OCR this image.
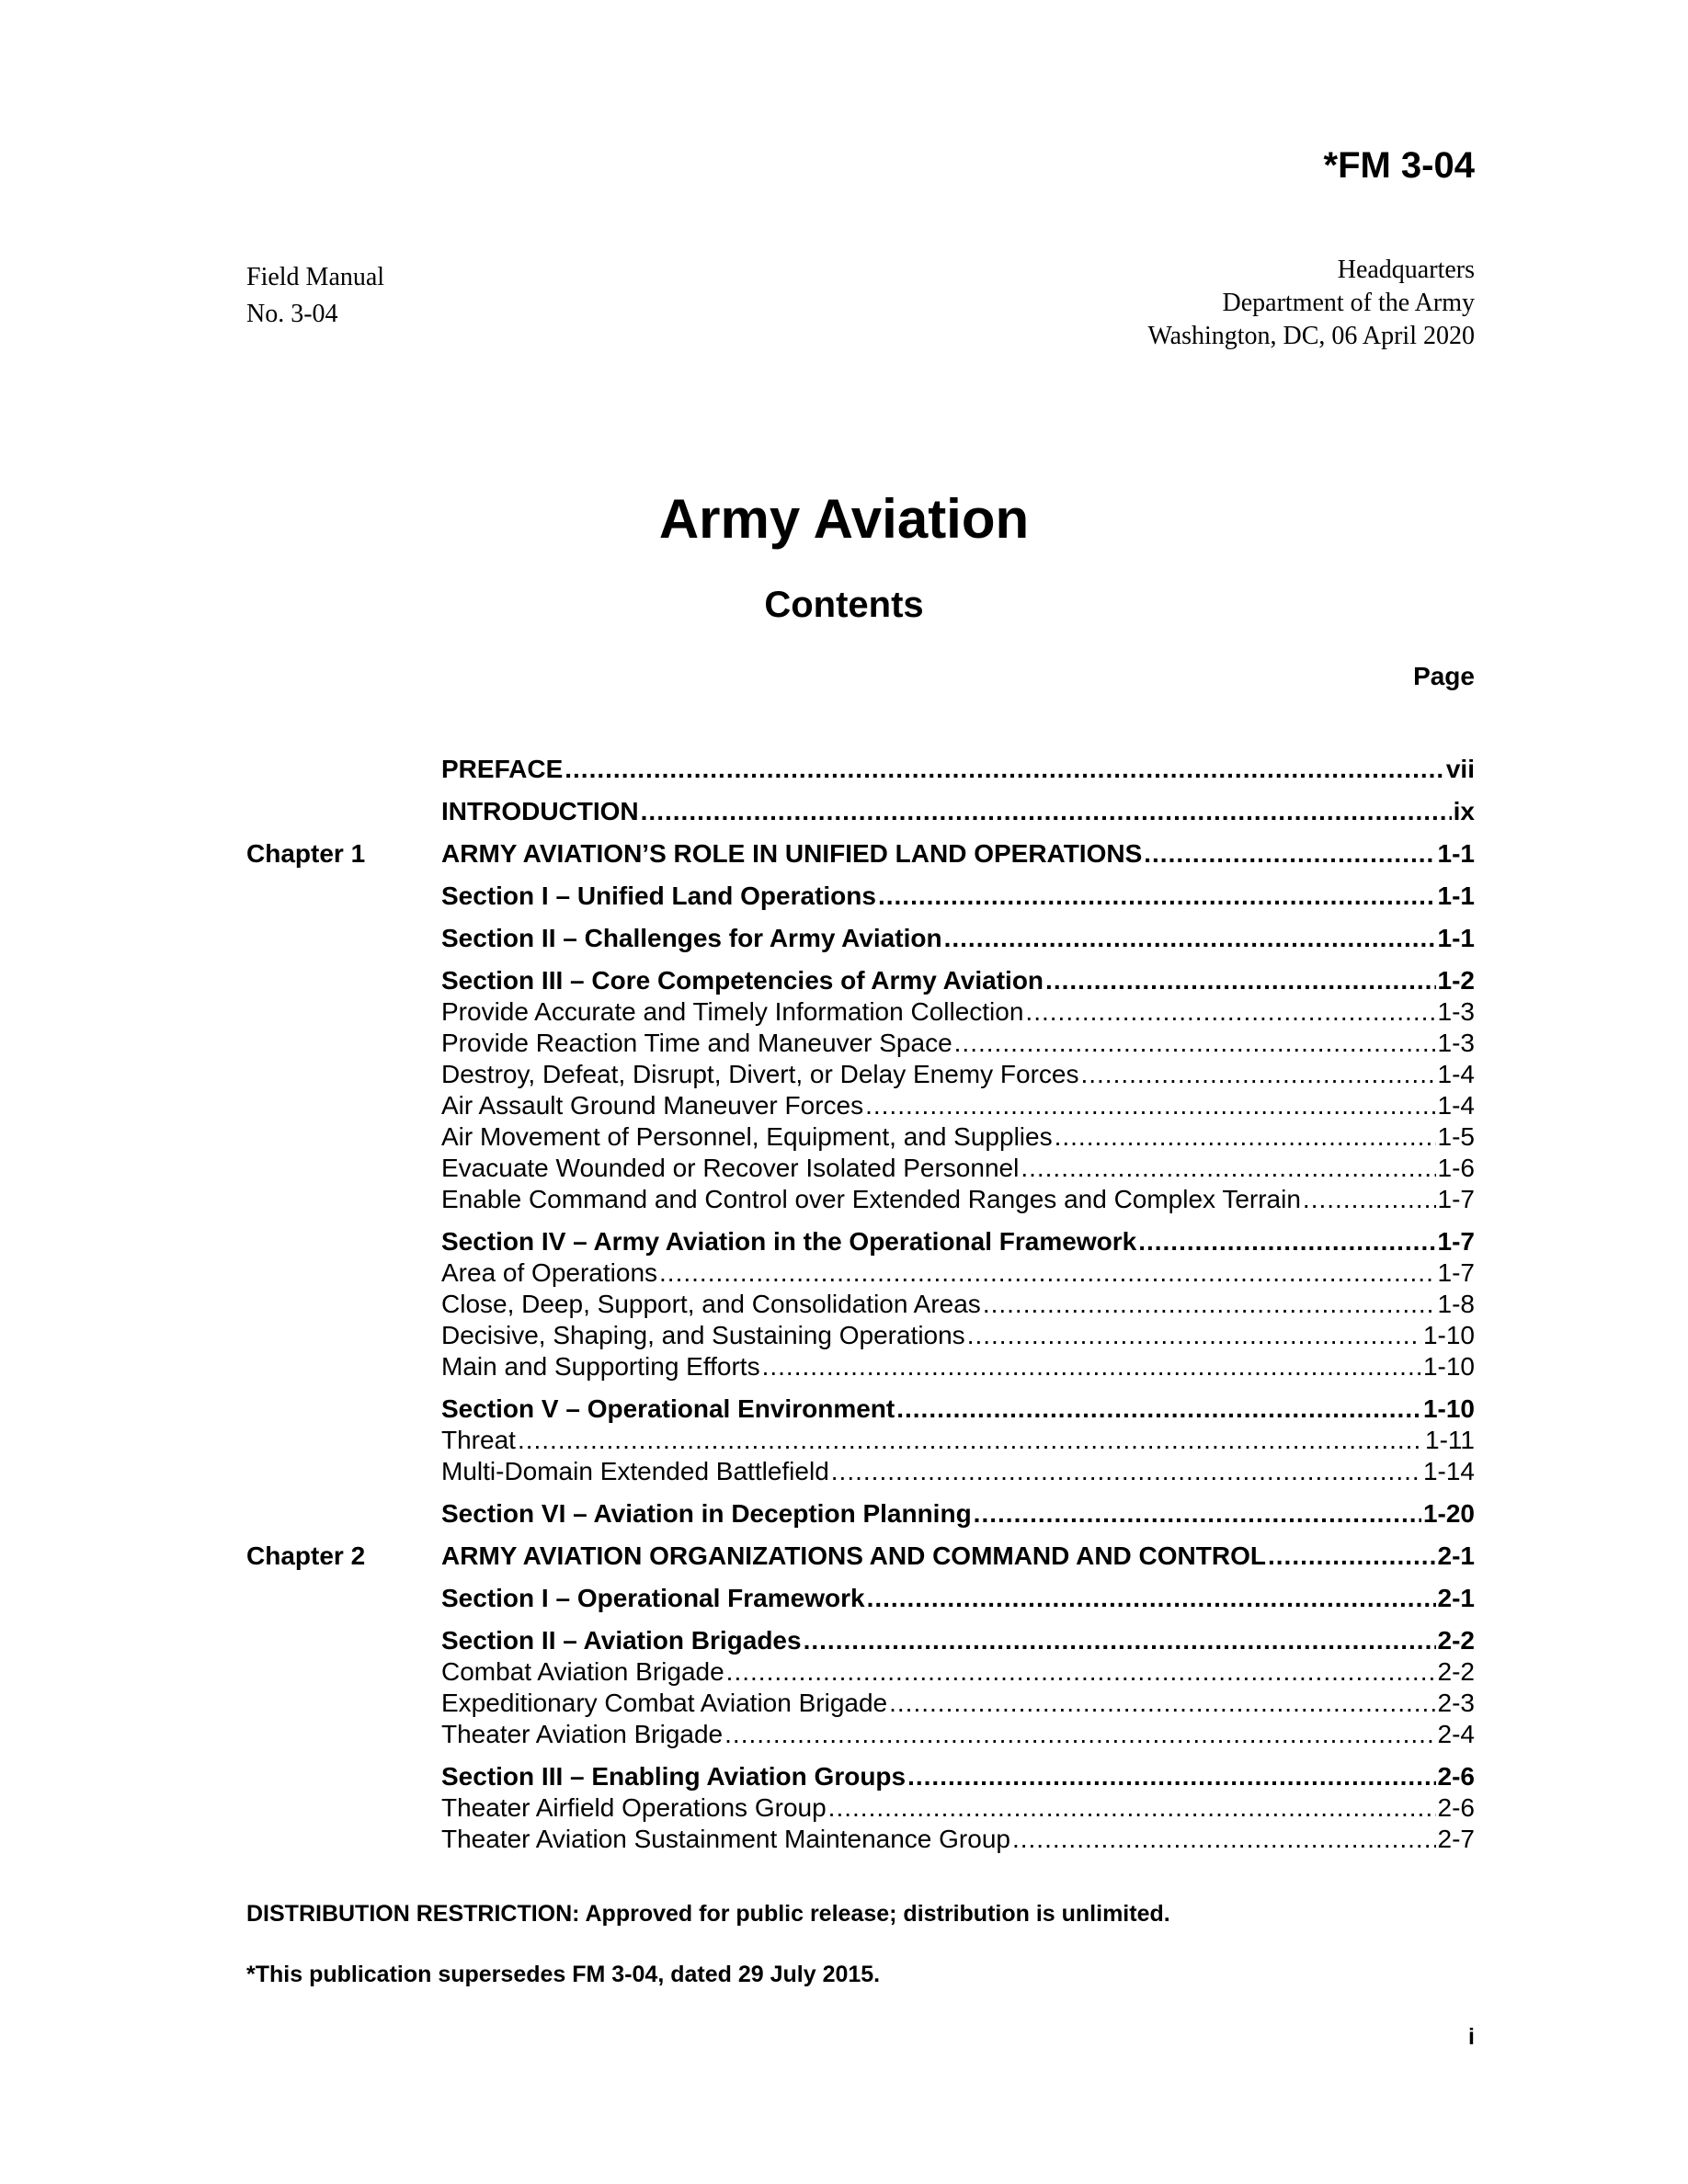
*FM 3-04
Field Manual
No. 3-04
Headquarters
Department of the Army
Washington, DC, 06 April 2020
Army Aviation
Contents
Page
PREFACE .....	vii
INTRODUCTION .....	ix
Chapter 1	ARMY AVIATION’S ROLE IN UNIFIED LAND OPERATIONS .....	1-1
Section I – Unified Land Operations .....	1-1
Section II – Challenges for Army Aviation .....	1-1
Section III – Core Competencies of Army Aviation .....	1-2
Provide Accurate and Timely Information Collection .....	1-3
Provide Reaction Time and Maneuver Space .....	1-3
Destroy, Defeat, Disrupt, Divert, or Delay Enemy Forces .....	1-4
Air Assault Ground Maneuver Forces .....	1-4
Air Movement of Personnel, Equipment, and Supplies .....	1-5
Evacuate Wounded or Recover Isolated Personnel .....	1-6
Enable Command and Control over Extended Ranges and Complex Terrain .....	1-7
Section IV – Army Aviation in the Operational Framework .....	1-7
Area of Operations .....	1-7
Close, Deep, Support, and Consolidation Areas .....	1-8
Decisive, Shaping, and Sustaining Operations .....	1-10
Main and Supporting Efforts .....	1-10
Section V – Operational Environment .....	1-10
Threat .....	1-11
Multi-Domain Extended Battlefield .....	1-14
Section VI – Aviation in Deception Planning .....	1-20
Chapter 2	ARMY AVIATION ORGANIZATIONS AND COMMAND AND CONTROL .....	2-1
Section I – Operational Framework .....	2-1
Section II – Aviation Brigades .....	2-2
Combat Aviation Brigade .....	2-2
Expeditionary Combat Aviation Brigade .....	2-3
Theater Aviation Brigade .....	2-4
Section III – Enabling Aviation Groups .....	2-6
Theater Airfield Operations Group .....	2-6
Theater Aviation Sustainment Maintenance Group .....	2-7
DISTRIBUTION RESTRICTION: Approved for public release; distribution is unlimited.
*This publication supersedes FM 3-04, dated 29 July 2015.
i
